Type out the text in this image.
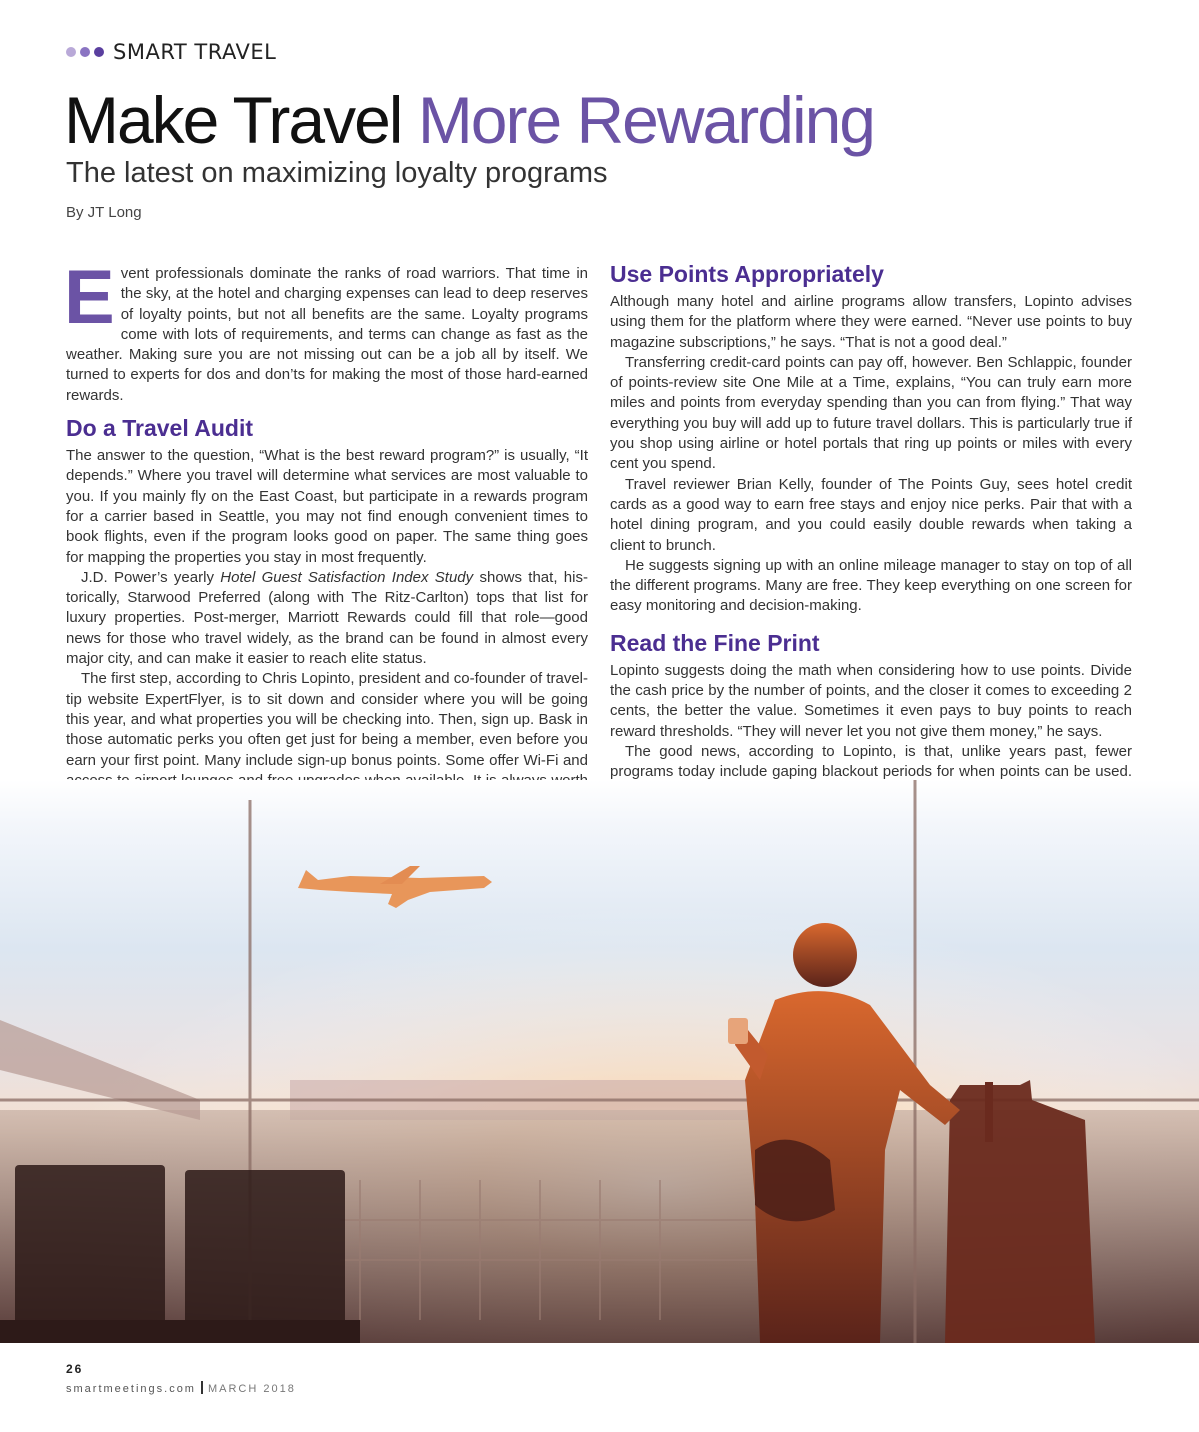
SMART TRAVEL
Make Travel More Rewarding
The latest on maximizing loyalty programs
By JT Long

Event professionals dominate the ranks of road warriors. That time in the sky, at the hotel and charging expenses can lead to deep reserves of loyalty points, but not all benefits are the same. Loyalty programs come with lots of requirements, and terms can change as fast as the weather. Making sure you are not missing out can be a job all by itself. We turned to experts for dos and don’ts for making the most of those hard-earned rewards.

Do a Travel Audit

The answer to the question, “What is the best reward program?” is usually, “It depends.” Where you travel will determine what services are most valuable to you. If you mainly fly on the East Coast, but participate in a rewards program for a carrier based in Seattle, you may not find enough convenient times to book flights, even if the program looks good on paper. The same thing goes for mapping the properties you stay in most frequently.

J.D. Power’s yearly Hotel Guest Satisfaction Index Study shows that, historically, Starwood Preferred (along with The Ritz-Carlton) tops that list for luxury properties. Post-merger, Marriott Rewards could fill that role—good news for those who travel widely, as the brand can be found in almost every major city, and can make it easier to reach elite status.

The first step, according to Chris Lopinto, president and co-founder of travel-tip website ExpertFlyer, is to sit down and consider where you will be going this year, and what properties you will be checking into. Then, sign up. Bask in those automatic perks you often get just for being a member, even before you earn your first point. Many include sign-up bonus points. Some offer Wi-Fi and

Use Points Appropriately

Although many hotel and airline programs allow transfers, Lopinto advises using them for the platform where they were earned. “Never use points to buy magazine subscriptions,” he says. “That is not a good deal.”

Transferring credit-card points can pay off, however. Ben Schlappic, founder of points-review site One Mile at a Time, explains, “You can truly earn more miles and points from everyday spending than you can from flying.” That way everything you buy will add up to future travel dollars. This is particularly true if you shop using airline or hotel portals that ring up points or miles with every cent you spend.

Travel reviewer Brian Kelly, founder of The Points Guy, sees hotel credit cards as a good way to earn free stays and enjoy nice perks. Pair that with a hotel dining program, and you could easily double rewards when taking a client to brunch.

He suggests signing up with an online mileage manager to stay on top of all the different programs. Many are free. They keep everything on one screen for easy monitoring and decision-making.

Read the Fine Print

Lopinto suggests doing the math when considering how to use points. Divide the cash price by the number of points, and the closer it comes to exceeding 2 cents, the better the value. Sometimes it even pays to buy points to reach reward thresholds. “They will never let you not give them money,” he says.

The good news, according to Lopinto, is that, unlike years past, fewer programs today include gaping blackout periods for when points can be used.

26
smartmeetings.com MARCH 2018
